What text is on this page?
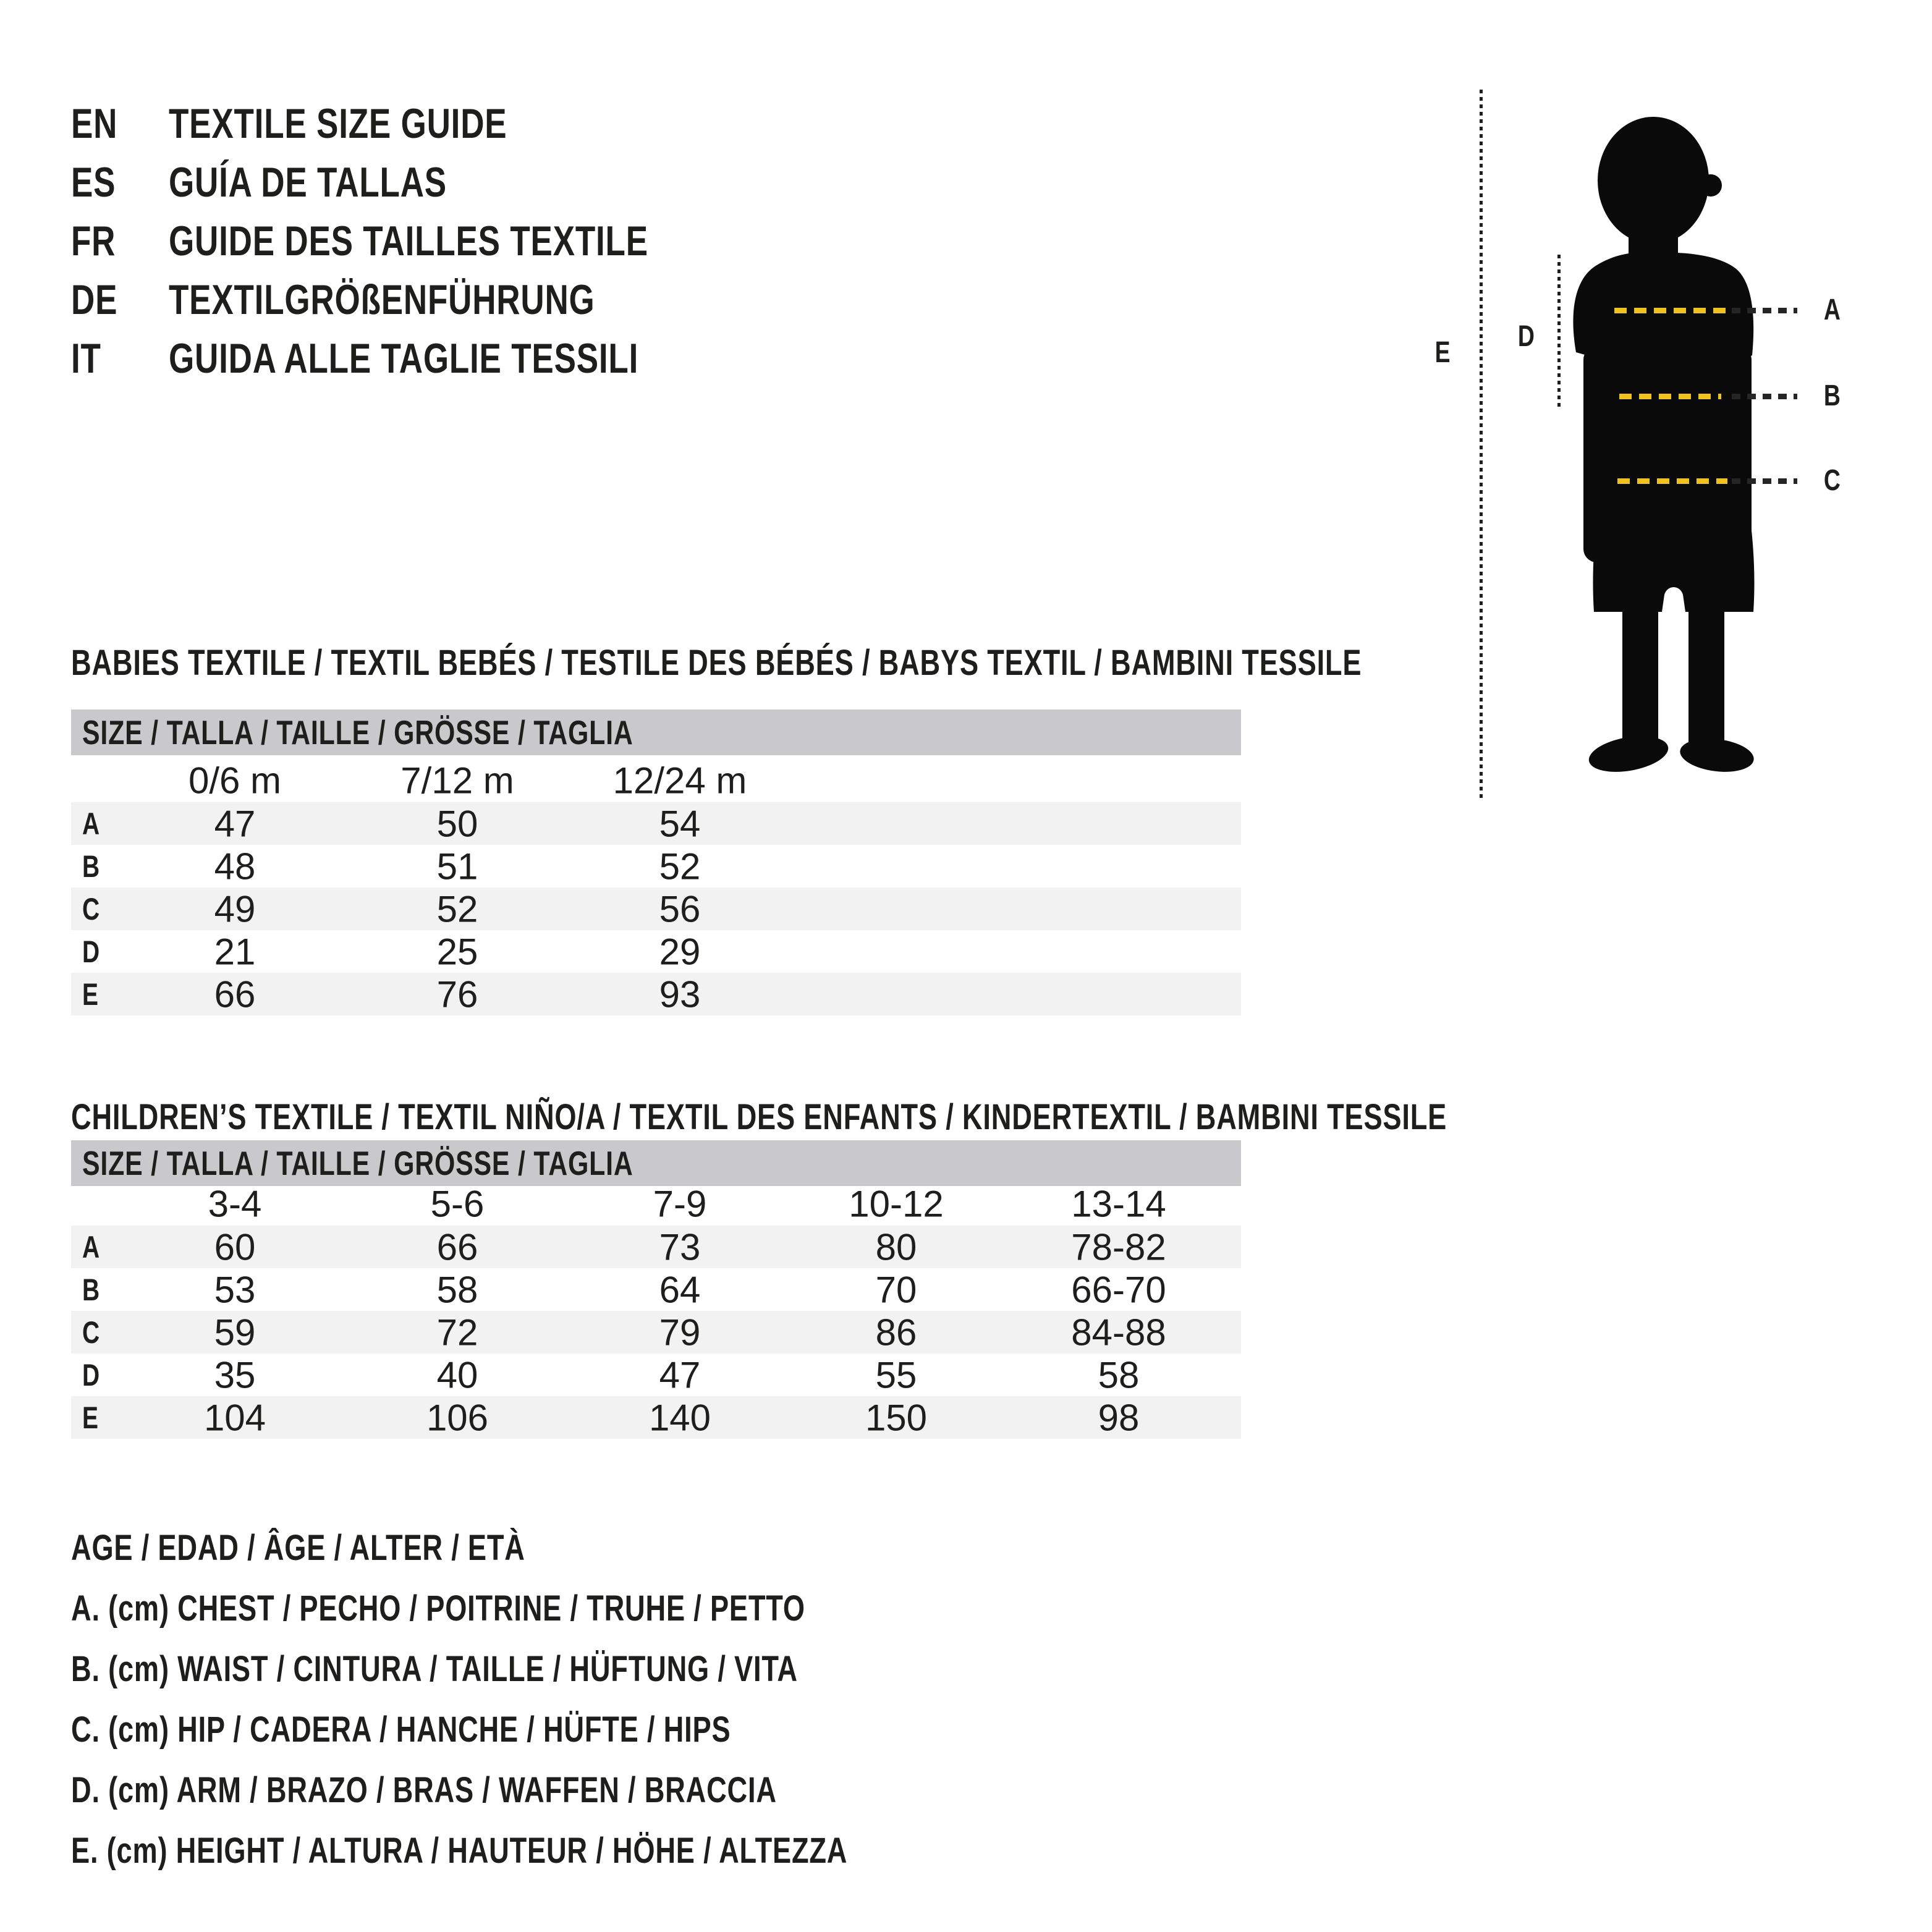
EN	TEXTILE SIZE GUIDE
ES	GUÍA DE TALLAS
FR	GUIDE DES TAILLES TEXTILE
DE	TEXTILGRÖßENFÜHRUNG
IT	GUIDA ALLE TAGLIE TESSILI
A
B
C
D
E
BABIES TEXTILE / TEXTIL BEBÉS / TESTILE DES BÉBÉS / BABYS TEXTIL / BAMBINI TESSILE
SIZE / TALLA / TAILLE / GRÖSSE / TAGLIA
0/6 m	7/12 m	12/24 m
A	47	50	54
B	48	51	52
C	49	52	56
D	21	25	29
E	66	76	93
CHILDREN’S TEXTILE / TEXTIL NIÑO/A / TEXTIL DES ENFANTS / KINDERTEXTIL / BAMBINI TESSILE
SIZE / TALLA / TAILLE / GRÖSSE / TAGLIA
3-4	5-6	7-9	10-12	13-14
A	60	66	73	80	78-82
B	53	58	64	70	66-70
C	59	72	79	86	84-88
D	35	40	47	55	58
E	104	106	140	150	98
AGE / EDAD / ÂGE / ALTER / ETÀ
A. (cm) CHEST / PECHO / POITRINE / TRUHE / PETTO
B. (cm) WAIST / CINTURA / TAILLE / HÜFTUNG / VITA
C. (cm) HIP / CADERA / HANCHE / HÜFTE / HIPS
D. (cm) ARM / BRAZO / BRAS / WAFFEN / BRACCIA
E. (cm) HEIGHT / ALTURA / HAUTEUR / HÖHE / ALTEZZA
